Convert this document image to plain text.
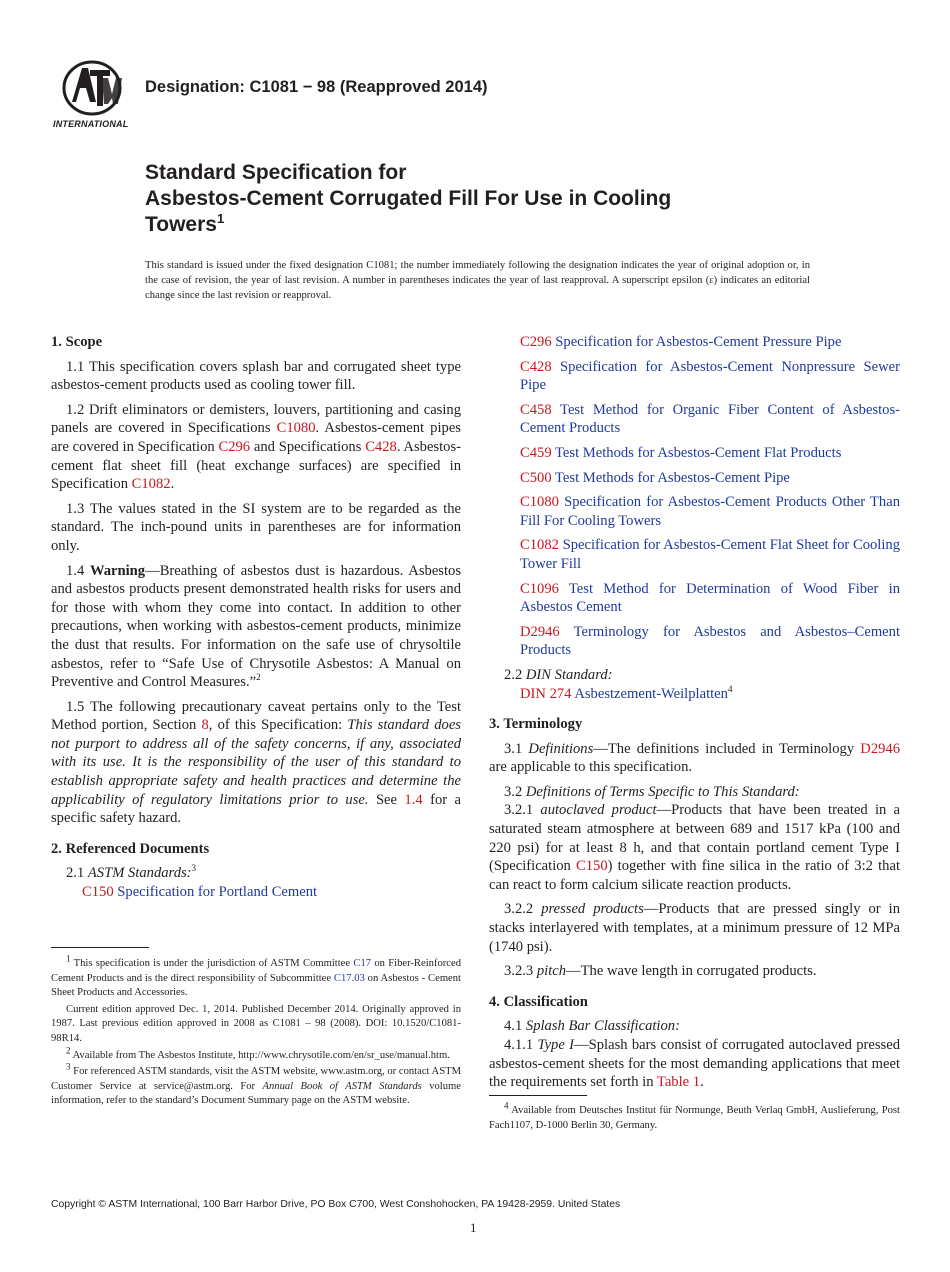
INTERNATIONAL
Designation: C1081 − 98 (Reapproved 2014)
Standard Specification for
Asbestos-Cement Corrugated Fill For Use in Cooling
Towers$^1$
This standard is issued under the fixed designation C1081; the number immediately following the designation indicates the year of original adoption or, in the case of revision, the year of last revision. A number in parentheses indicates the year of last reapproval. A superscript epsilon (ε) indicates an editorial change since the last revision or reapproval.
1. Scope

1.1 This specification covers splash bar and corrugated sheet type asbestos-cement products used as cooling tower fill.

1.2 Drift eliminators or demisters, louvers, partitioning and casing panels are covered in Specifications C1080. Asbestos-cement pipes are covered in Specification C296 and Specifications C428. Asbestos-cement flat sheet fill (heat exchange surfaces) are specified in Specification C1082.

1.3 The values stated in the SI system are to be regarded as the standard. The inch-pound units in parentheses are for information only.

1.4 Warning—Breathing of asbestos dust is hazardous. Asbestos and asbestos products present demonstrated health risks for users and for those with whom they come into contact. In addition to other precautions, when working with asbestos-cement products, minimize the dust that results. For information on the safe use of chrysoltile asbestos, refer to “Safe Use of Chrysotile Asbestos: A Manual on Preventive and Control Measures.”$^2$

1.5 The following precautionary caveat pertains only to the Test Method portion, Section 8, of this Specification: This standard does not purport to address all of the safety concerns, if any, associated with its use. It is the responsibility of the user of this standard to establish appropriate safety and health practices and determine the applicability of regulatory limitations prior to use. See 1.4 for a specific safety hazard.

2. Referenced Documents

2.1 ASTM Standards:$^3$

C150 Specification for Portland Cement

$^1$ This specification is under the jurisdiction of ASTM Committee C17 on Fiber-Reinforced Cement Products and is the direct responsibility of Subcommittee C17.03 on Asbestos - Cement Sheet Products and Accessories.

Current edition approved Dec. 1, 2014. Published December 2014. Originally approved in 1987. Last previous edition approved in 2008 as C1081 – 98 (2008). DOI: 10.1520/C1081-98R14.

$^2$ Available from The Asbestos Institute, http://www.chrysotile.com/en/sr_use/manual.htm.

$^3$ For referenced ASTM standards, visit the ASTM website, www.astm.org, or contact ASTM Customer Service at service@astm.org. For Annual Book of ASTM Standards volume information, refer to the standard’s Document Summary page on the ASTM website.

C296 Specification for Asbestos-Cement Pressure Pipe

C428 Specification for Asbestos-Cement Nonpressure Sewer Pipe

C458 Test Method for Organic Fiber Content of Asbestos-Cement Products

C459 Test Methods for Asbestos-Cement Flat Products

C500 Test Methods for Asbestos-Cement Pipe

C1080 Specification for Asbestos-Cement Products Other Than Fill For Cooling Towers

C1082 Specification for Asbestos-Cement Flat Sheet for Cooling Tower Fill

C1096 Test Method for Determination of Wood Fiber in Asbestos Cement

D2946 Terminology for Asbestos and Asbestos–Cement Products

2.2 DIN Standard:

DIN 274 Asbestzement-Weilplatten$^4$

3. Terminology

3.1 Definitions—The definitions included in Terminology D2946 are applicable to this specification.

3.2 Definitions of Terms Specific to This Standard:

3.2.1 autoclaved product—Products that have been treated in a saturated steam atmosphere at between 689 and 1517 kPa (100 and 220 psi) for at least 8 h, and that contain portland cement Type I (Specification C150) together with fine silica in the ratio of 3:2 that can react to form calcium silicate reaction products.

3.2.2 pressed products—Products that are pressed singly or in stacks interlayered with templates, at a minimum pressure of 12 MPa (1740 psi).

3.2.3 pitch—The wave length in corrugated products.

4. Classification

4.1 Splash Bar Classification:

4.1.1 Type I—Splash bars consist of corrugated autoclaved pressed asbestos-cement sheets for the most demanding applications that meet the requirements set forth in Table 1.

$^4$ Available from Deutsches Institut für Normunge, Beuth Verlaq GmbH, Auslieferung, Post Fach1107, D-1000 Berlin 30, Germany.

Copyright © ASTM International, 100 Barr Harbor Drive, PO Box C700, West Conshohocken, PA 19428-2959. United States
1
